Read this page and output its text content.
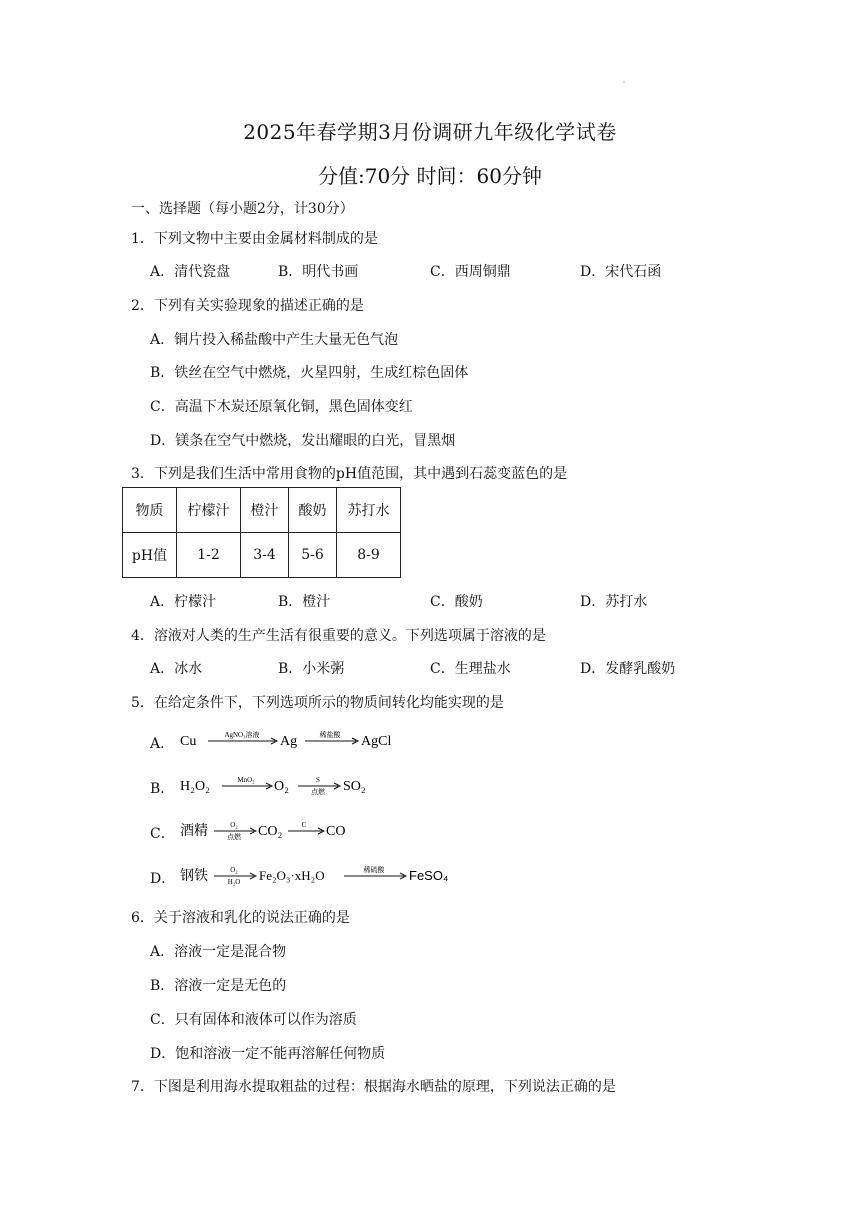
2025年春学期3月份调研九年级化学试卷
分值:70分 时间：60分钟
一、选择题（每小题2分，计30分）
1．下列文物中主要由金属材料制成的是
A．清代瓷盘	B．明代书画	C．西周铜鼎	D．宋代石函
2．下列有关实验现象的描述正确的是
A．铜片投入稀盐酸中产生大量无色气泡
B．铁丝在空气中燃烧，火星四射，生成红棕色固体
C．高温下木炭还原氧化铜，黑色固体变红
D．镁条在空气中燃烧，发出耀眼的白光，冒黑烟
3．下列是我们生活中常用食物的pH值范围，其中遇到石蕊变蓝色的是
物质	柠檬汁	橙汁	酸奶	苏打水
pH值	1-2	3-4	5-6	8-9
A．柠檬汁	B．橙汁	C．酸奶	D．苏打水
4．溶液对人类的生产生活有很重要的意义。下列选项属于溶液的是
A．冰水	B．小米粥	C．生理盐水	D．发酵乳酸奶
5．在给定条件下，下列选项所示的物质间转化均能实现的是
A． Cu	AgNO₃溶液 Ag	稀盐酸 AgCl
B． H₂O₂	MnO₂ O₂	S
点燃 SO₂
C． 酒精	O₂
点燃 CO₂	C CO
D． 钢铁	O₂
H₂O Fe₂O₃·xH₂O	稀硫酸 FeSO₄
6．关于溶液和乳化的说法正确的是
A．溶液一定是混合物
B．溶液一定是无色的
C．只有固体和液体可以作为溶质
D．饱和溶液一定不能再溶解任何物质
7．下图是利用海水提取粗盐的过程：根据海水晒盐的原理，下列说法正确的是
